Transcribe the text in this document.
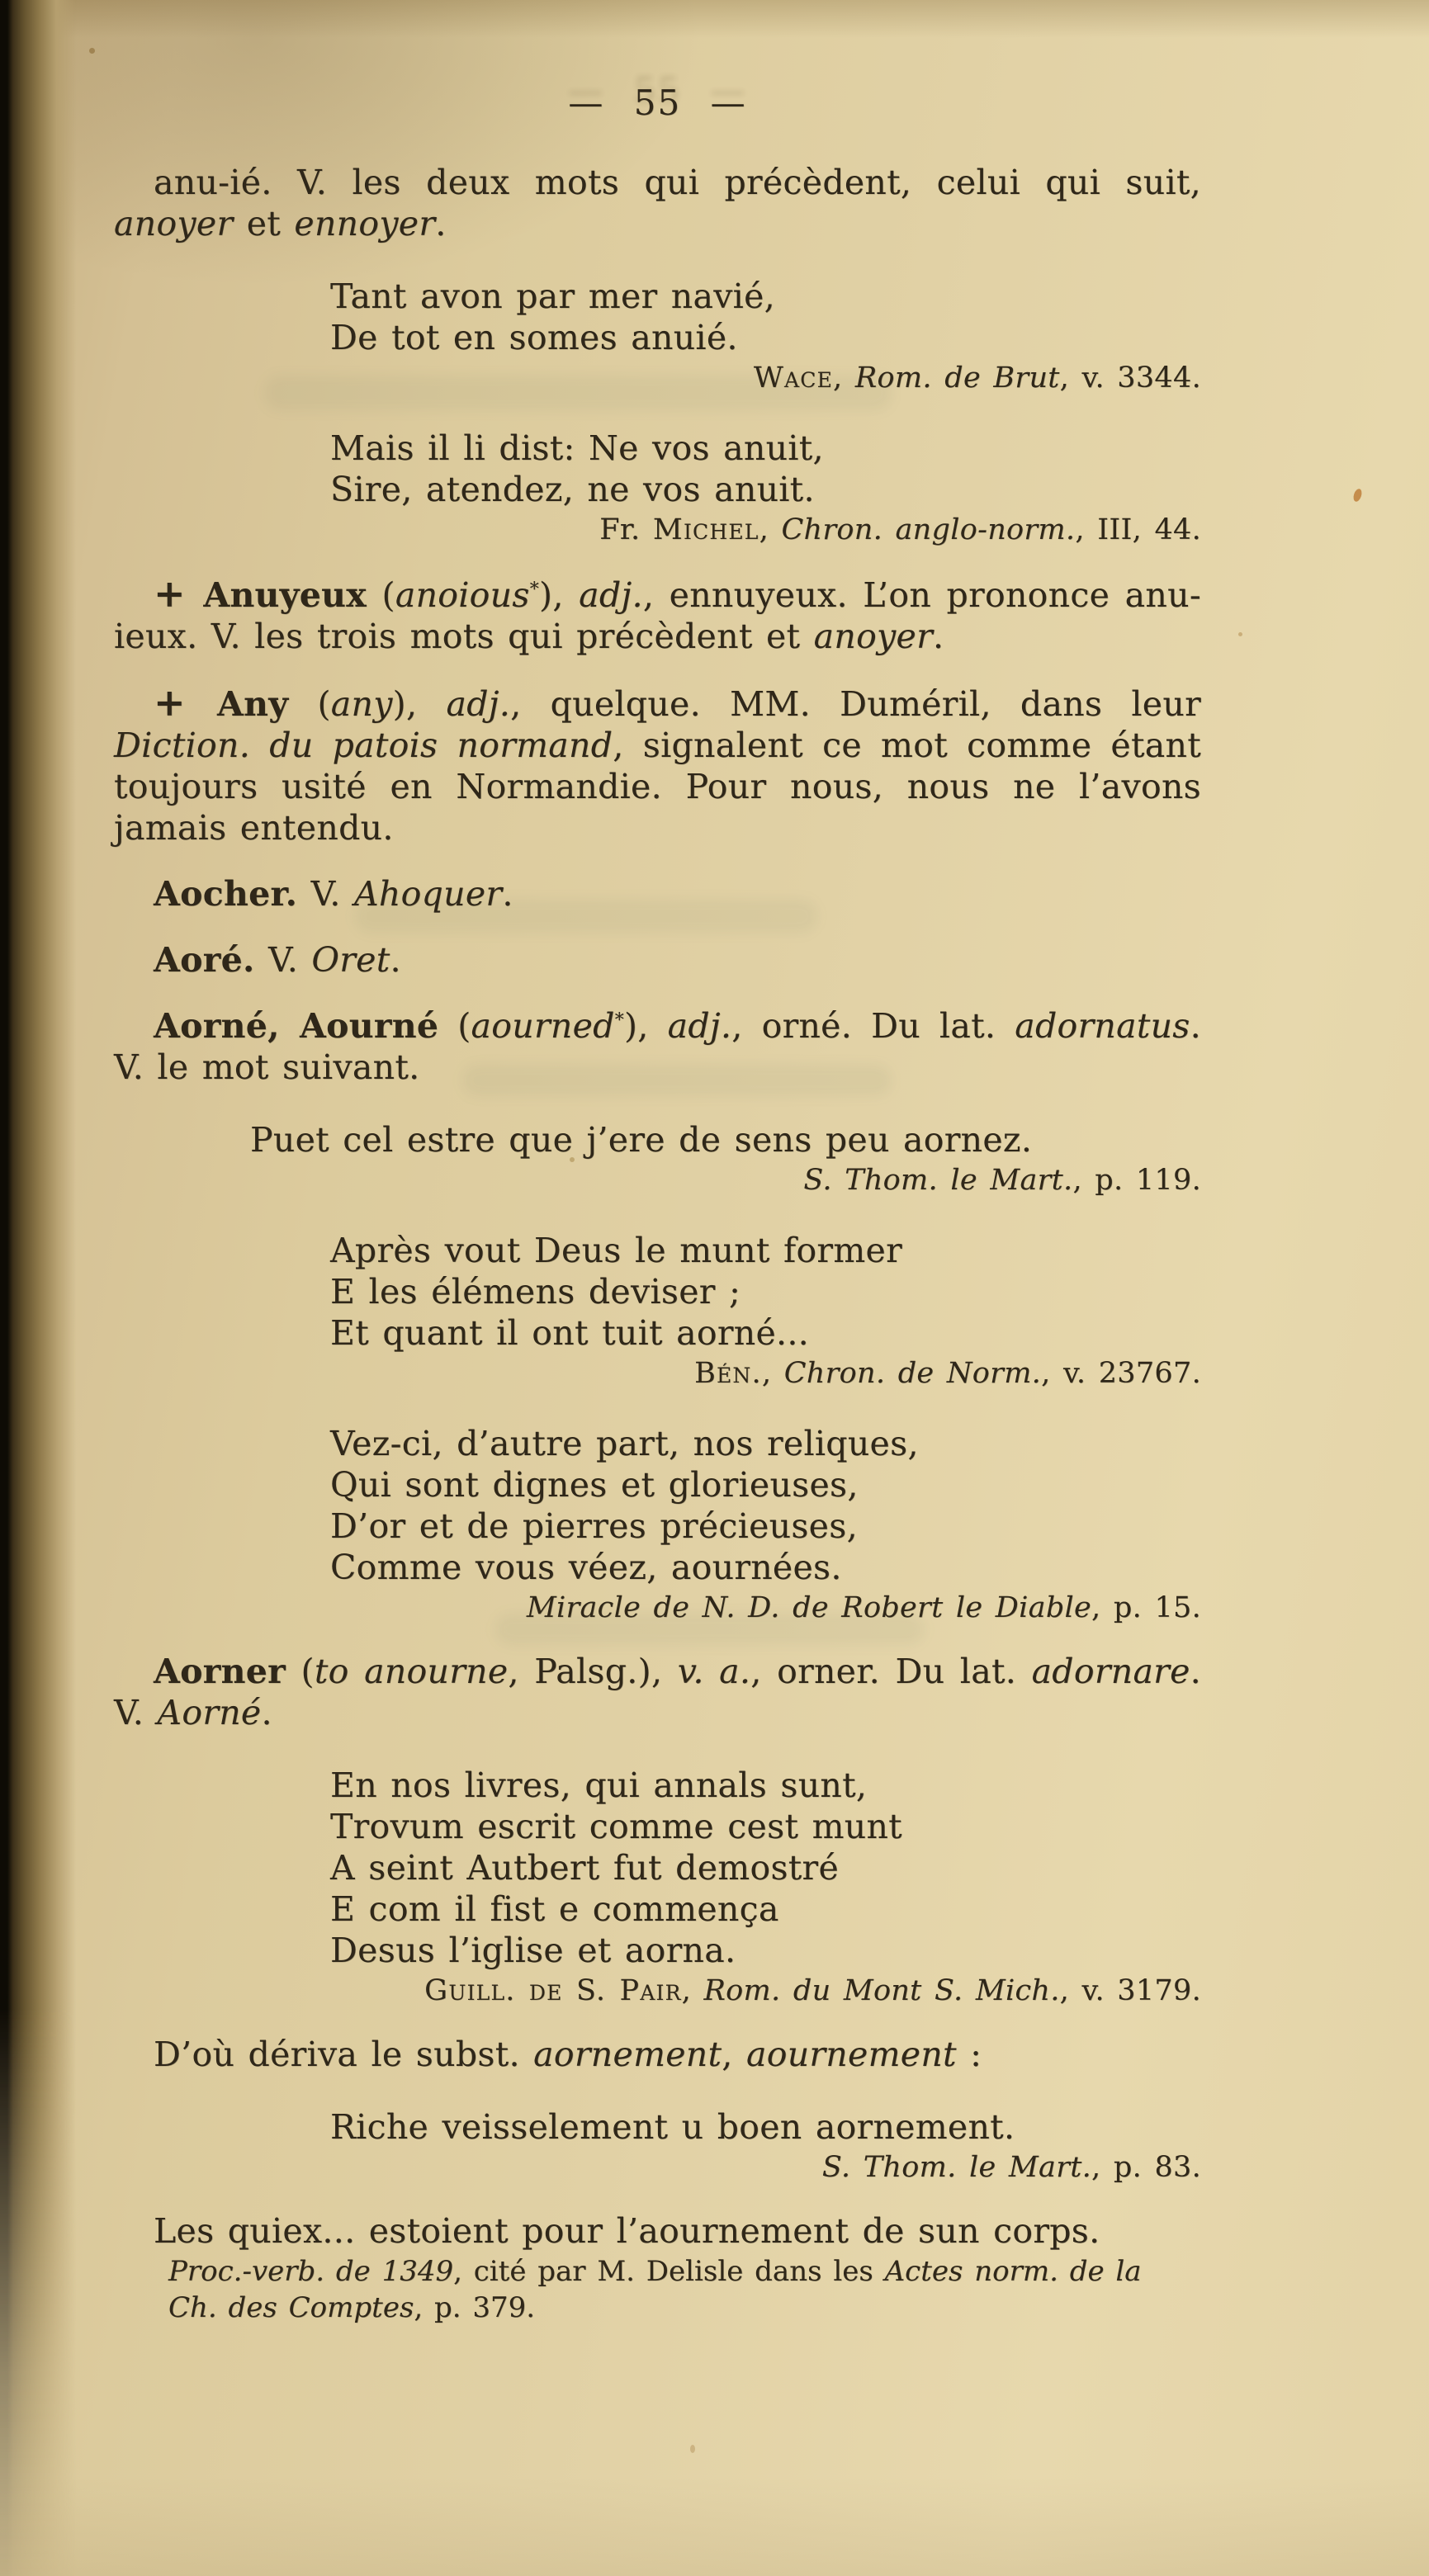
— 55 —
anu-ié. V. les deux mots qui précèdent, celui qui suit, anoyer et ennoyer.
Tant avon par mer navié,
De tot en somes anuié.
Wace, Rom. de Brut, v. 3344.
Mais il li dist: Ne vos anuit,
Sire, atendez, ne vos anuit.
Fr. Michel, Chron. anglo-norm., III, 44.
+ Anuyeux (anoious*), adj., ennuyeux. L’on prononce anu-ieux. V. les trois mots qui précèdent et anoyer.
+ Any (any), adj., quelque. MM. Duméril, dans leur Diction. du patois normand, signalent ce mot comme étant toujours usité en Normandie. Pour nous, nous ne l’avons jamais entendu.
Aocher. V. Ahoquer.
Aoré. V. Oret.
Aorné, Aourné (aourned*), adj., orné. Du lat. adornatus. V. le mot suivant.
Puet cel estre que j’ere de sens peu aornez.
S. Thom. le Mart., p. 119.
Après vout Deus le munt former
E les élémens deviser ;
Et quant il ont tuit aorné...
Bén., Chron. de Norm., v. 23767.
Vez-ci, d’autre part, nos reliques,
Qui sont dignes et glorieuses,
D’or et de pierres précieuses,
Comme vous véez, aournées.
Miracle de N. D. de Robert le Diable, p. 15.
Aorner (to anourne, Palsg.), v. a., orner. Du lat. adornare. V. Aorné.
En nos livres, qui annals sunt,
Trovum escrit comme cest munt
A seint Autbert fut demostré
E com il fist e commença
Desus l’iglise et aorna.
Guill. de S. Pair, Rom. du Mont S. Mich., v. 3179.
D’où dériva le subst. aornement, aournement :
Riche veisselement u boen aornement.
S. Thom. le Mart., p. 83.
Les quiex... estoient pour l’aournement de sun corps.
Proc.-verb. de 1349, cité par M. Delisle dans les Actes norm. de la Ch. des Comptes, p. 379.
